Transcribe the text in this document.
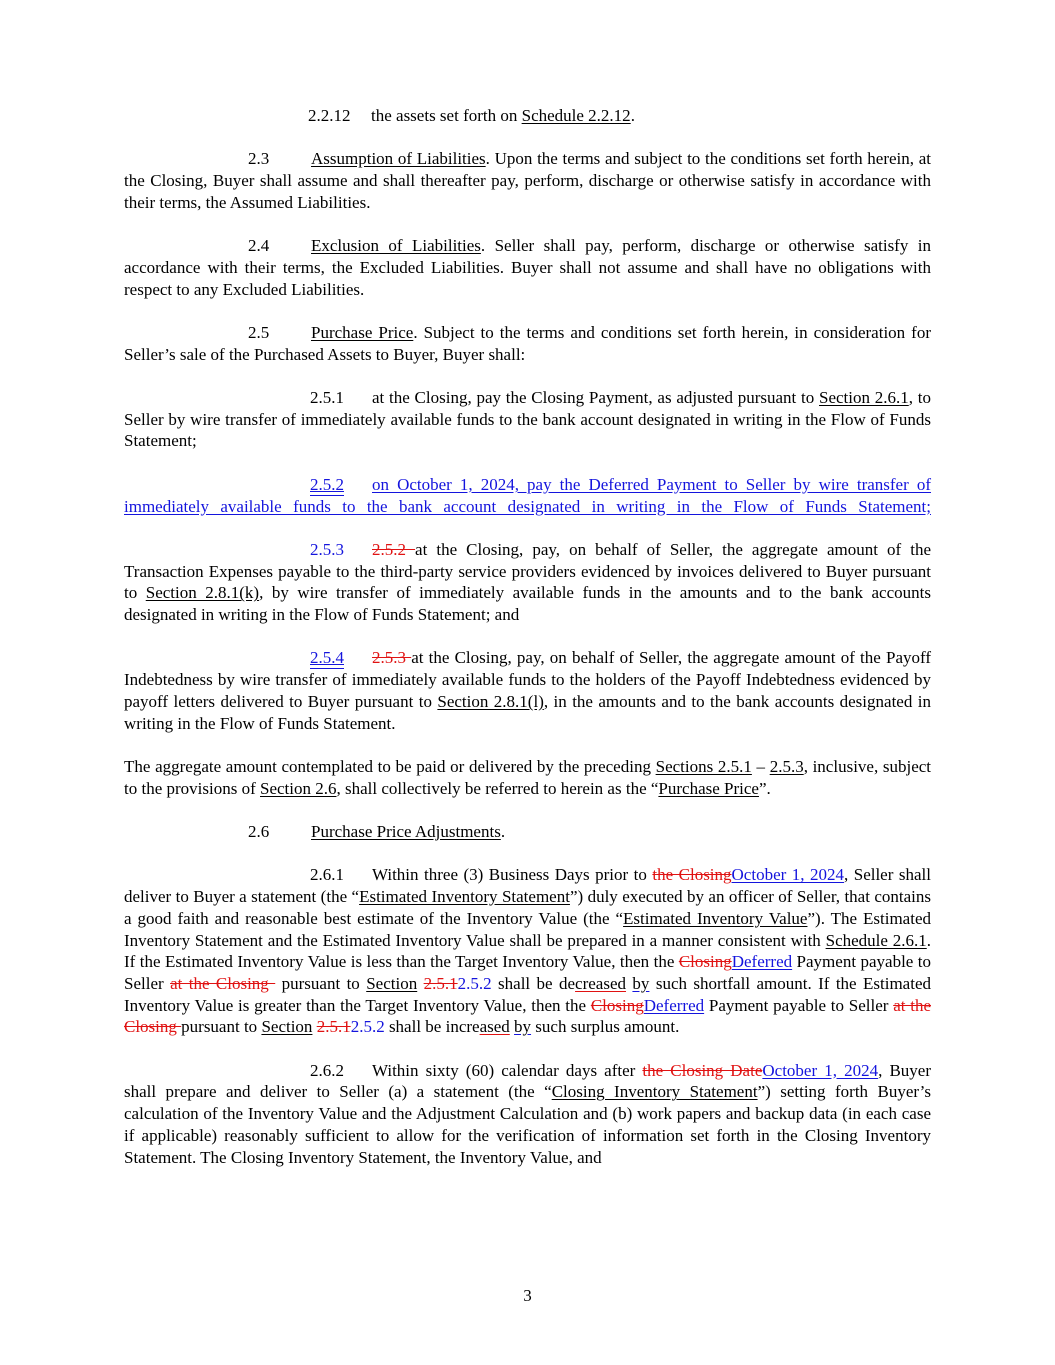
2.2.12 the assets set forth on Schedule 2.2.12.

2.3 Assumption of Liabilities. Upon the terms and subject to the conditions set forth herein, at the Closing, Buyer shall assume and shall thereafter pay, perform, discharge or otherwise satisfy in accordance with their terms, the Assumed Liabilities.

2.4 Exclusion of Liabilities. Seller shall pay, perform, discharge or otherwise satisfy in accordance with their terms, the Excluded Liabilities. Buyer shall not assume and shall have no obligations with respect to any Excluded Liabilities.

2.5 Purchase Price. Subject to the terms and conditions set forth herein, in consideration for Seller’s sale of the Purchased Assets to Buyer, Buyer shall:

2.5.1 at the Closing, pay the Closing Payment, as adjusted pursuant to Section 2.6.1, to Seller by wire transfer of immediately available funds to the bank account designated in writing in the Flow of Funds Statement;

2.5.2 on October 1, 2024, pay the Deferred Payment to Seller by wire transfer of immediately available funds to the bank account designated in writing in the Flow of Funds Statement;

2.5.3 2.5.2 at the Closing, pay, on behalf of Seller, the aggregate amount of the Transaction Expenses payable to the third-party service providers evidenced by invoices delivered to Buyer pursuant to Section 2.8.1(k), by wire transfer of immediately available funds in the amounts and to the bank accounts designated in writing in the Flow of Funds Statement; and

2.5.4 2.5.3 at the Closing, pay, on behalf of Seller, the aggregate amount of the Payoff Indebtedness by wire transfer of immediately available funds to the holders of the Payoff Indebtedness evidenced by payoff letters delivered to Buyer pursuant to Section 2.8.1(l), in the amounts and to the bank accounts designated in writing in the Flow of Funds Statement.

The aggregate amount contemplated to be paid or delivered by the preceding Sections 2.5.1 – 2.5.3, inclusive, subject to the provisions of Section 2.6, shall collectively be referred to herein as the “Purchase Price”.

2.6 Purchase Price Adjustments.

2.6.1 Within three (3) Business Days prior to the ClosingOctober 1, 2024, Seller shall deliver to Buyer a statement (the “Estimated Inventory Statement”) duly executed by an officer of Seller, that contains a good faith and reasonable best estimate of the Inventory Value (the “Estimated Inventory Value”). The Estimated Inventory Statement and the Estimated Inventory Value shall be prepared in a manner consistent with Schedule 2.6.1. If the Estimated Inventory Value is less than the Target Inventory Value, then the ClosingDeferred Payment payable to Seller at the Closing  pursuant to Section 2.5.12.5.2 shall be decreased by such shortfall amount. If the Estimated Inventory Value is greater than the Target Inventory Value, then the ClosingDeferred Payment payable to Seller at the Closing pursuant to Section 2.5.12.5.2 shall be increased by such surplus amount.

2.6.2 Within sixty (60) calendar days after the Closing DateOctober 1, 2024, Buyer shall prepare and deliver to Seller (a) a statement (the “Closing Inventory Statement”) setting forth Buyer’s calculation of the Inventory Value and the Adjustment Calculation and (b) work papers and backup data (in each case if applicable) reasonably sufficient to allow for the verification of information set forth in the Closing Inventory Statement. The Closing Inventory Statement, the Inventory Value, and

3
